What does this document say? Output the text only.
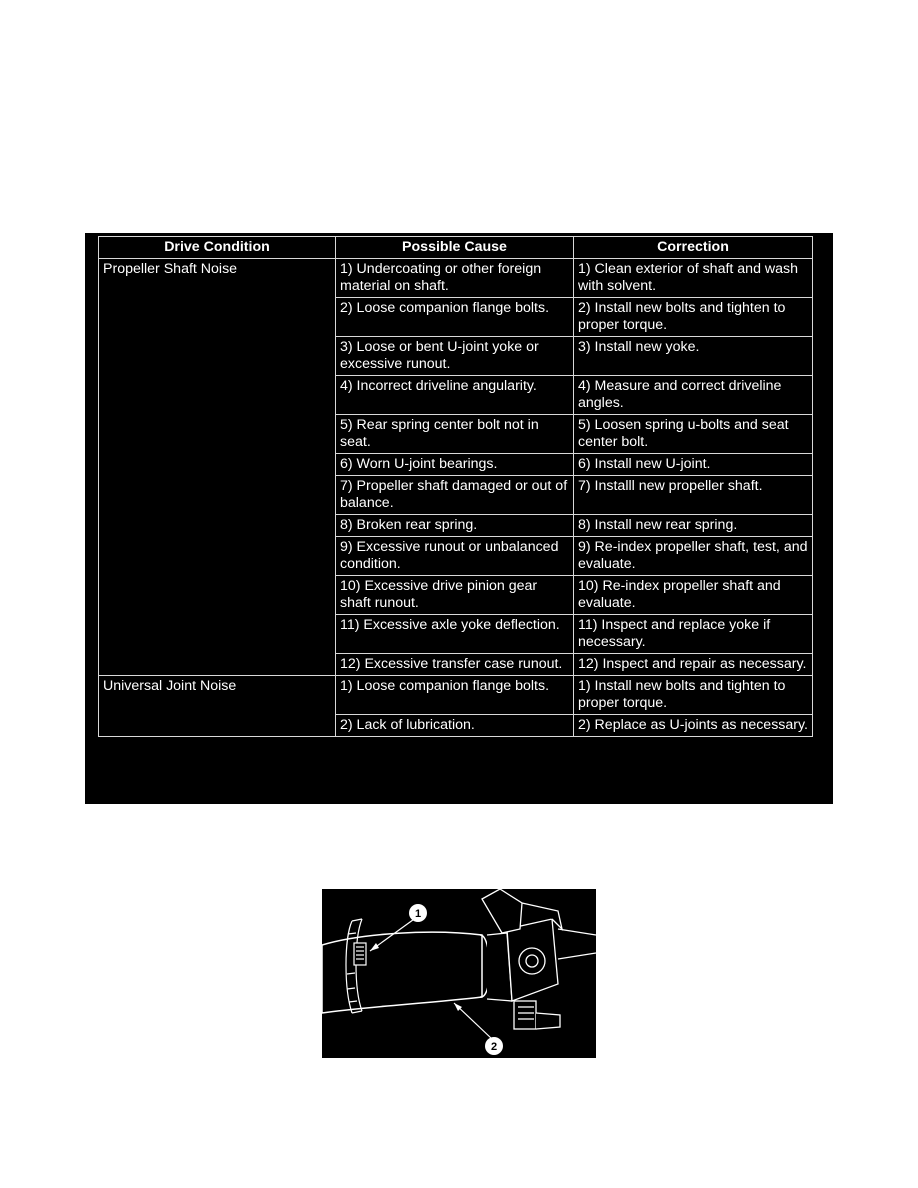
Drive Condition	Possible Cause	Correction
Propeller Shaft Noise	1) Undercoating or other foreign material on shaft.	1) Clean exterior of shaft and wash with solvent.
	2) Loose companion flange bolts.	2) Install new bolts and tighten to proper torque.
	3) Loose or bent U-joint yoke or excessive runout.	3) Install new yoke.
	4) Incorrect driveline angularity.	4) Measure and correct driveline angles.
	5) Rear spring center bolt not in seat.	5) Loosen spring u-bolts and seat center bolt.
	6) Worn U-joint bearings.	6) Install new U-joint.
	7) Propeller shaft damaged or out of balance.	7) Installl new propeller shaft.
	8) Broken rear spring.	8) Install new rear spring.
	9) Excessive runout or unbalanced condition.	9) Re-index propeller shaft, test, and evaluate.
	10) Excessive drive pinion gear shaft runout.	10) Re-index propeller shaft and evaluate.
	11) Excessive axle yoke deflection.	11) Inspect and replace yoke if necessary.
	12) Excessive transfer case runout.	12) Inspect and repair as necessary.
Universal Joint Noise	1) Loose companion flange bolts.	1) Install new bolts and tighten to proper torque.
	2) Lack of lubrication.	2) Replace as U-joints as necessary.
1
2
